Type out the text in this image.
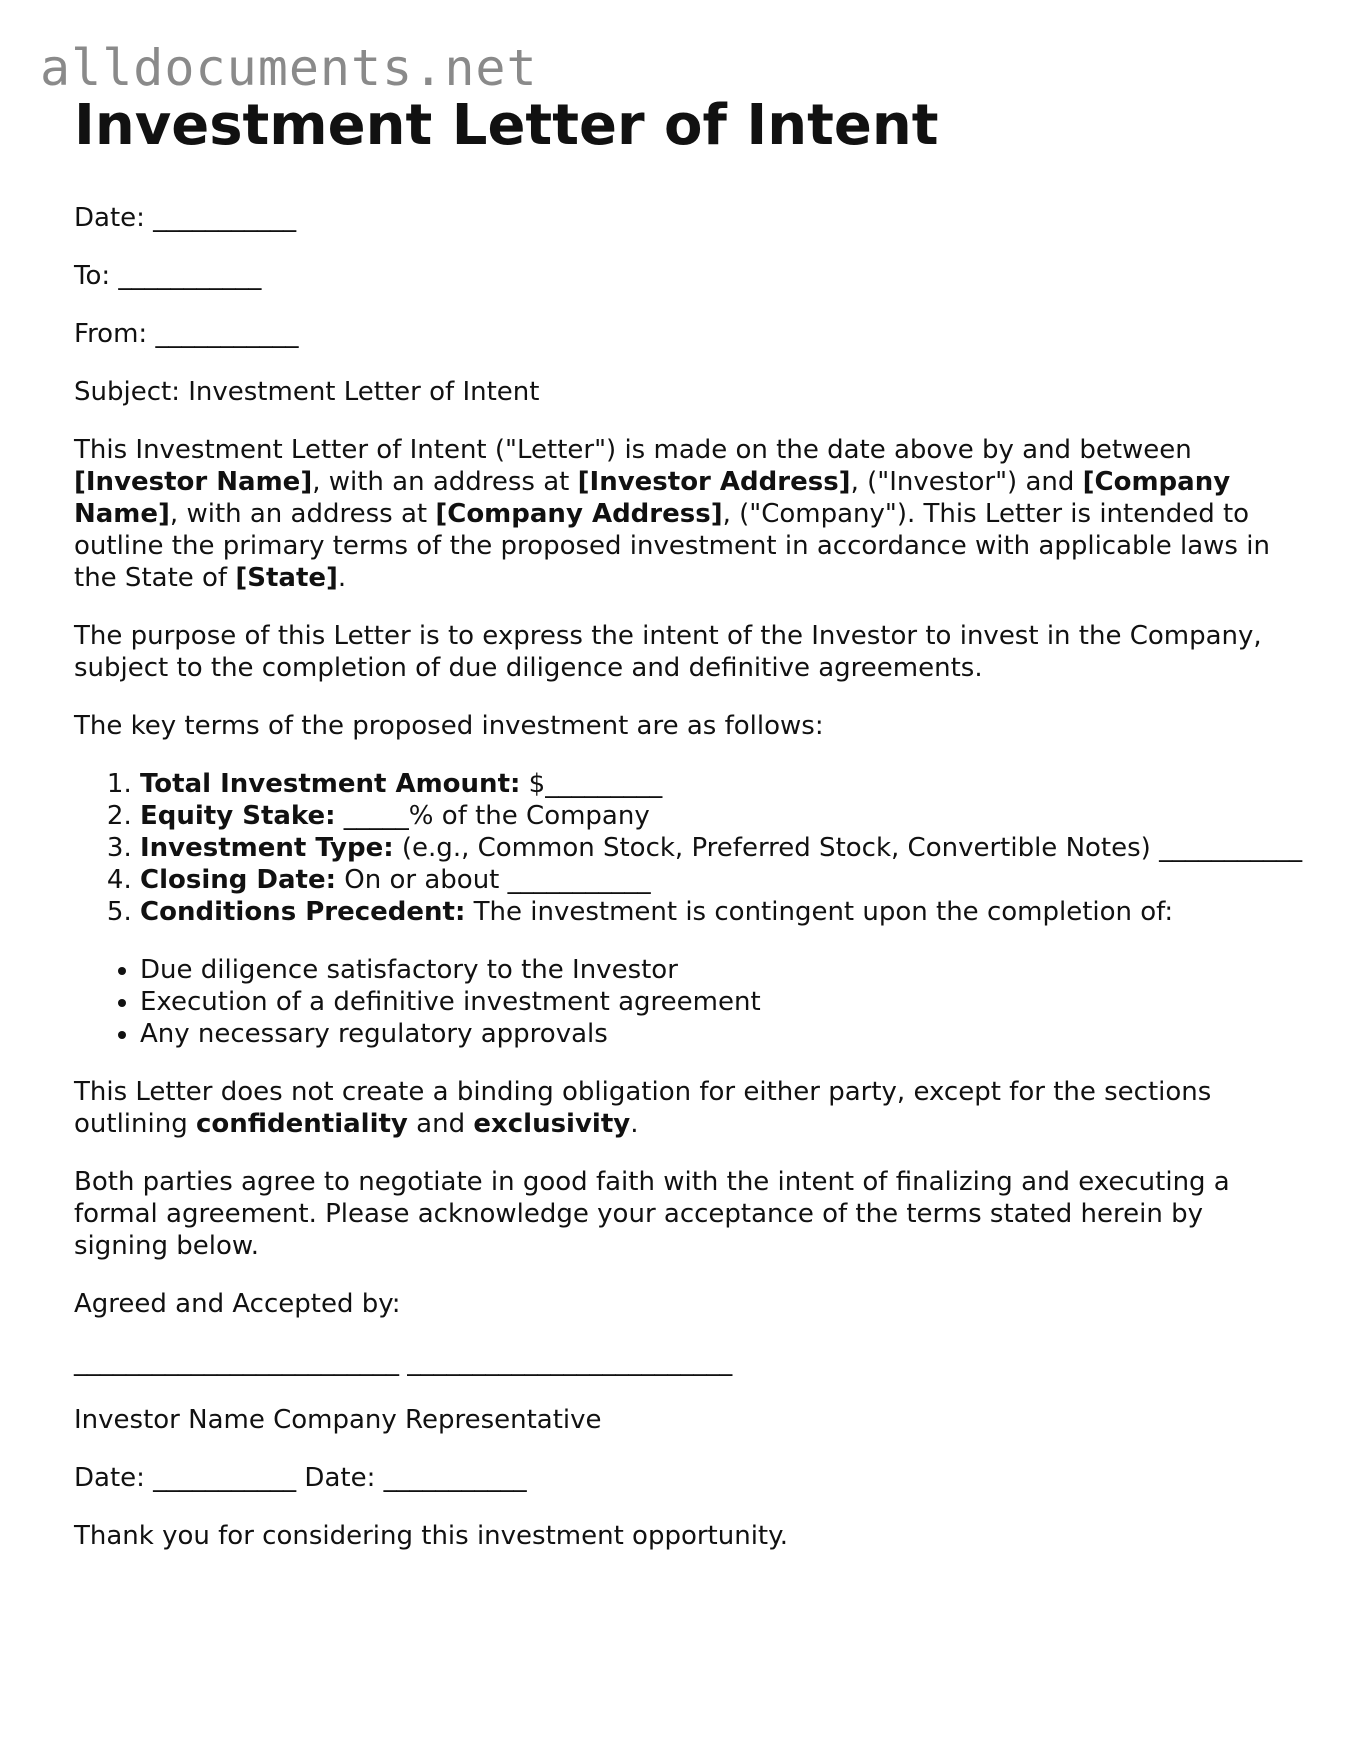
alldocuments.net
Investment Letter of Intent

Date: ___________

To: ___________

From: ___________

Subject: Investment Letter of Intent

This Investment Letter of Intent ("Letter") is made on the date above by and between [Investor Name], with an address at [Investor Address], ("Investor") and [Company Name], with an address at [Company Address], ("Company"). This Letter is intended to outline the primary terms of the proposed investment in accordance with applicable laws in the State of [State].

The purpose of this Letter is to express the intent of the Investor to invest in the Company, subject to the completion of due diligence and definitive agreements.

The key terms of the proposed investment are as follows:

1. Total Investment Amount: $_________
2. Equity Stake: _____% of the Company
3. Investment Type: (e.g., Common Stock, Preferred Stock, Convertible Notes) ___________
4. Closing Date: On or about ___________
5. Conditions Precedent: The investment is contingent upon the completion of:
• Due diligence satisfactory to the Investor
• Execution of a definitive investment agreement
• Any necessary regulatory approvals

This Letter does not create a binding obligation for either party, except for the sections outlining confidentiality and exclusivity.

Both parties agree to negotiate in good faith with the intent of finalizing and executing a formal agreement. Please acknowledge your acceptance of the terms stated herein by signing below.

Agreed and Accepted by:

_________________________ _________________________

Investor Name Company Representative

Date: ___________ Date: ___________

Thank you for considering this investment opportunity.
